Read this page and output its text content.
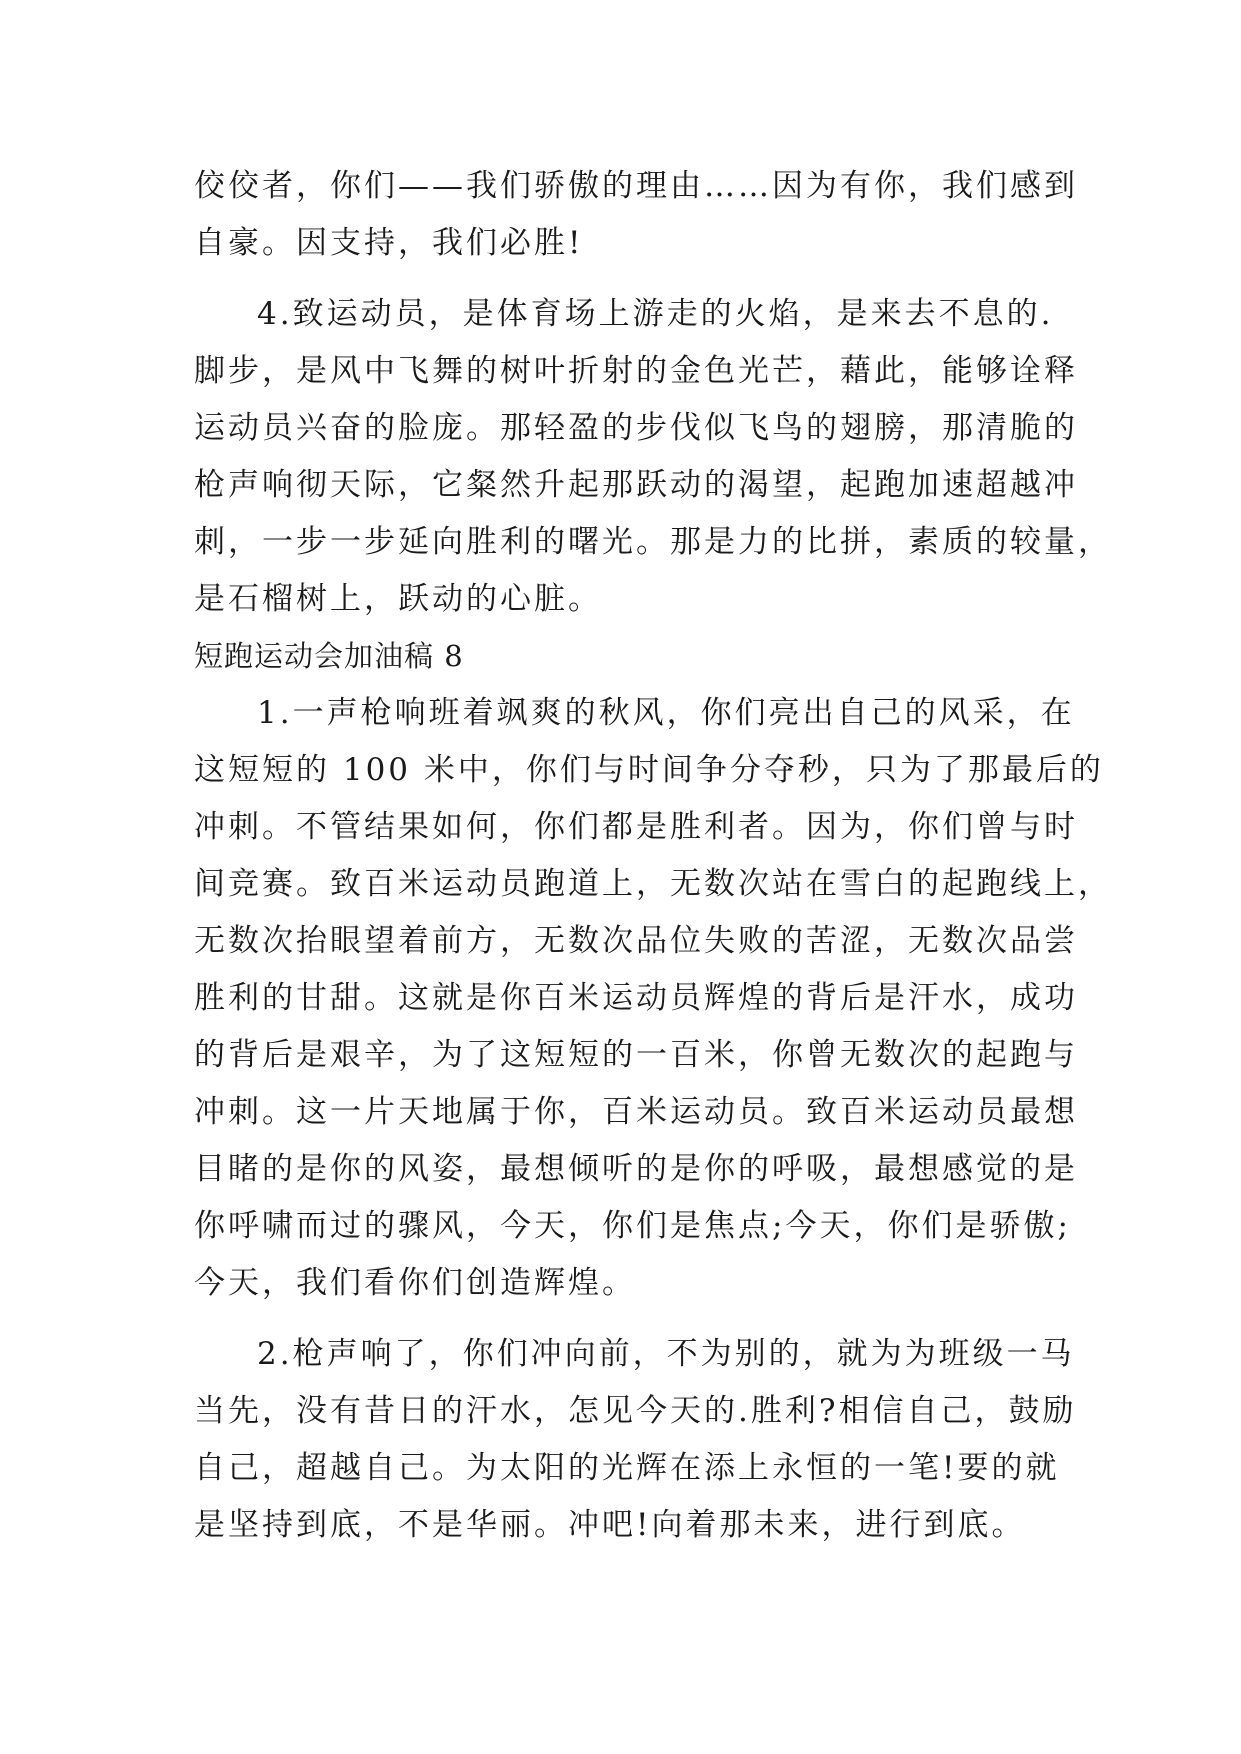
佼佼者，你们——我们骄傲的理由……因为有你，我们感到
自豪。因支持，我们必胜!
4.致运动员，是体育场上游走的火焰，是来去不息的.
脚步，是风中飞舞的树叶折射的金色光芒，藉此，能够诠释
运动员兴奋的脸庞。那轻盈的步伐似飞鸟的翅膀，那清脆的
枪声响彻天际，它粲然升起那跃动的渴望，起跑加速超越冲
刺，一步一步延向胜利的曙光。那是力的比拼，素质的较量，
是石榴树上，跃动的心脏。
短跑运动会加油稿 8
1.一声枪响班着飒爽的秋风，你们亮出自己的风采，在
这短短的 100 米中，你们与时间争分夺秒，只为了那最后的
冲刺。不管结果如何，你们都是胜利者。因为，你们曾与时
间竞赛。致百米运动员跑道上，无数次站在雪白的起跑线上，
无数次抬眼望着前方，无数次品位失败的苦涩，无数次品尝
胜利的甘甜。这就是你百米运动员辉煌的背后是汗水，成功
的背后是艰辛，为了这短短的一百米，你曾无数次的起跑与
冲刺。这一片天地属于你，百米运动员。致百米运动员最想
目睹的是你的风姿，最想倾听的是你的呼吸，最想感觉的是
你呼啸而过的骤风，今天，你们是焦点;今天，你们是骄傲;
今天，我们看你们创造辉煌。
2.枪声响了，你们冲向前，不为别的，就为为班级一马
当先，没有昔日的汗水，怎见今天的.胜利?相信自己，鼓励
自己，超越自己。为太阳的光辉在添上永恒的一笔!要的就
是坚持到底，不是华丽。冲吧!向着那未来，进行到底。
